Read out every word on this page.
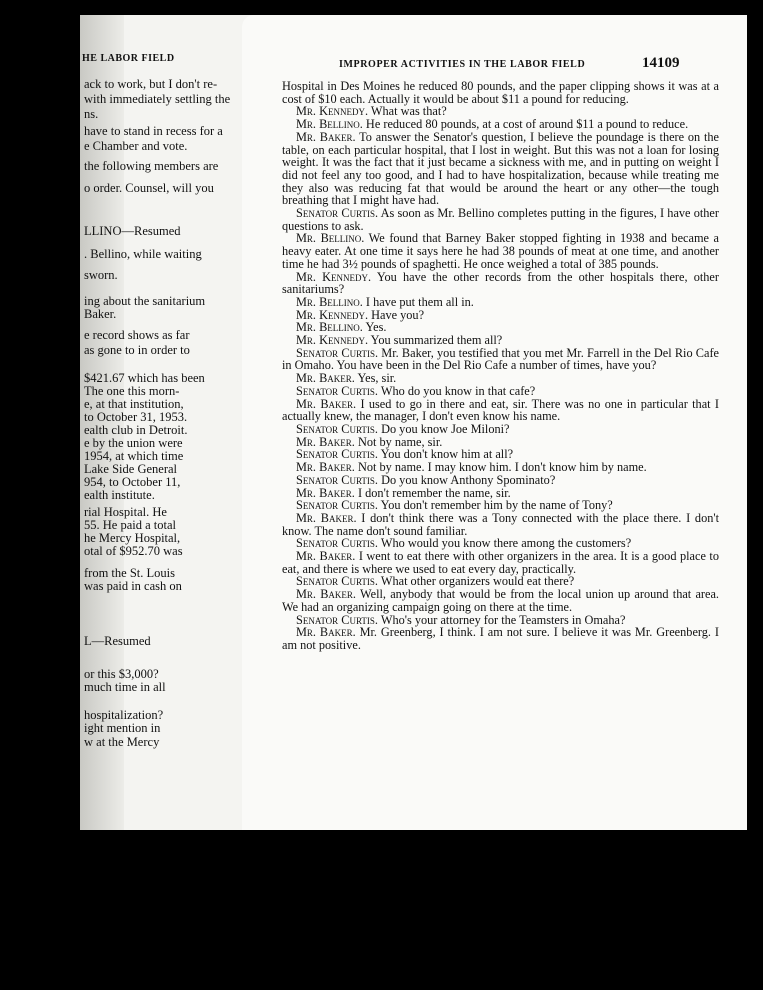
HE LABOR FIELD
ack to work, but I don't re-
with immediately settling the
ns.
have to stand in recess for a
e Chamber and vote.
the following members are
o order. Counsel, will you
LLINO—Resumed
. Bellino, while waiting
sworn.
ing about the sanitarium
Baker.
e record shows as far
as gone to in order to
$421.67 which has been
The one this morn-
e, at that institution,
to October 31, 1953.
ealth club in Detroit.
e by the union were
1954, at which time
Lake Side General
954, to October 11,
ealth institute.
rial Hospital. He
55. He paid a total
he Mercy Hospital,
otal of $952.70 was
from the St. Louis
was paid in cash on
L—Resumed
or this $3,000?
much time in all
hospitalization?
ight mention in
w at the Mercy
IMPROPER ACTIVITIES IN THE LABOR FIELD	14109

Hospital in Des Moines he reduced 80 pounds, and the paper clipping shows it was at a cost of $10 each. Actually it would be about $11 a pound for reducing.

Mr. Kennedy. What was that?

Mr. Bellino. He reduced 80 pounds, at a cost of around $11 a pound to reduce.

Mr. Baker. To answer the Senator's question, I believe the poundage is there on the table, on each particular hospital, that I lost in weight. But this was not a loan for losing weight. It was the fact that it just became a sickness with me, and in putting on weight I did not feel any too good, and I had to have hospitalization, because while treating me they also was reducing fat that would be around the heart or any other—the tough breathing that I might have had.

Senator Curtis. As soon as Mr. Bellino completes putting in the figures, I have other questions to ask.

Mr. Bellino. We found that Barney Baker stopped fighting in 1938 and became a heavy eater. At one time it says here he had 38 pounds of meat at one time, and another time he had 3½ pounds of spaghetti. He once weighed a total of 385 pounds.

Mr. Kennedy. You have the other records from the other hospitals there, other sanitariums?

Mr. Bellino. I have put them all in.

Mr. Kennedy. Have you?

Mr. Bellino. Yes.

Mr. Kennedy. You summarized them all?

Senator Curtis. Mr. Baker, you testified that you met Mr. Farrell in the Del Rio Cafe in Omaho. You have been in the Del Rio Cafe a number of times, have you?

Mr. Baker. Yes, sir.

Senator Curtis. Who do you know in that cafe?

Mr. Baker. I used to go in there and eat, sir. There was no one in particular that I actually knew, the manager, I don't even know his name.

Senator Curtis. Do you know Joe Miloni?

Mr. Baker. Not by name, sir.

Senator Curtis. You don't know him at all?

Mr. Baker. Not by name. I may know him. I don't know him by name.

Senator Curtis. Do you know Anthony Spominato?

Mr. Baker. I don't remember the name, sir.

Senator Curtis. You don't remember him by the name of Tony?

Mr. Baker. I don't think there was a Tony connected with the place there. I don't know. The name don't sound familiar.

Senator Curtis. Who would you know there among the customers?

Mr. Baker. I went to eat there with other organizers in the area. It is a good place to eat, and there is where we used to eat every day, practically.

Senator Curtis. What other organizers would eat there?

Mr. Baker. Well, anybody that would be from the local union up around that area. We had an organizing campaign going on there at the time.

Senator Curtis. Who's your attorney for the Teamsters in Omaha?

Mr. Baker. Mr. Greenberg, I think. I am not sure. I believe it was Mr. Greenberg. I am not positive.
